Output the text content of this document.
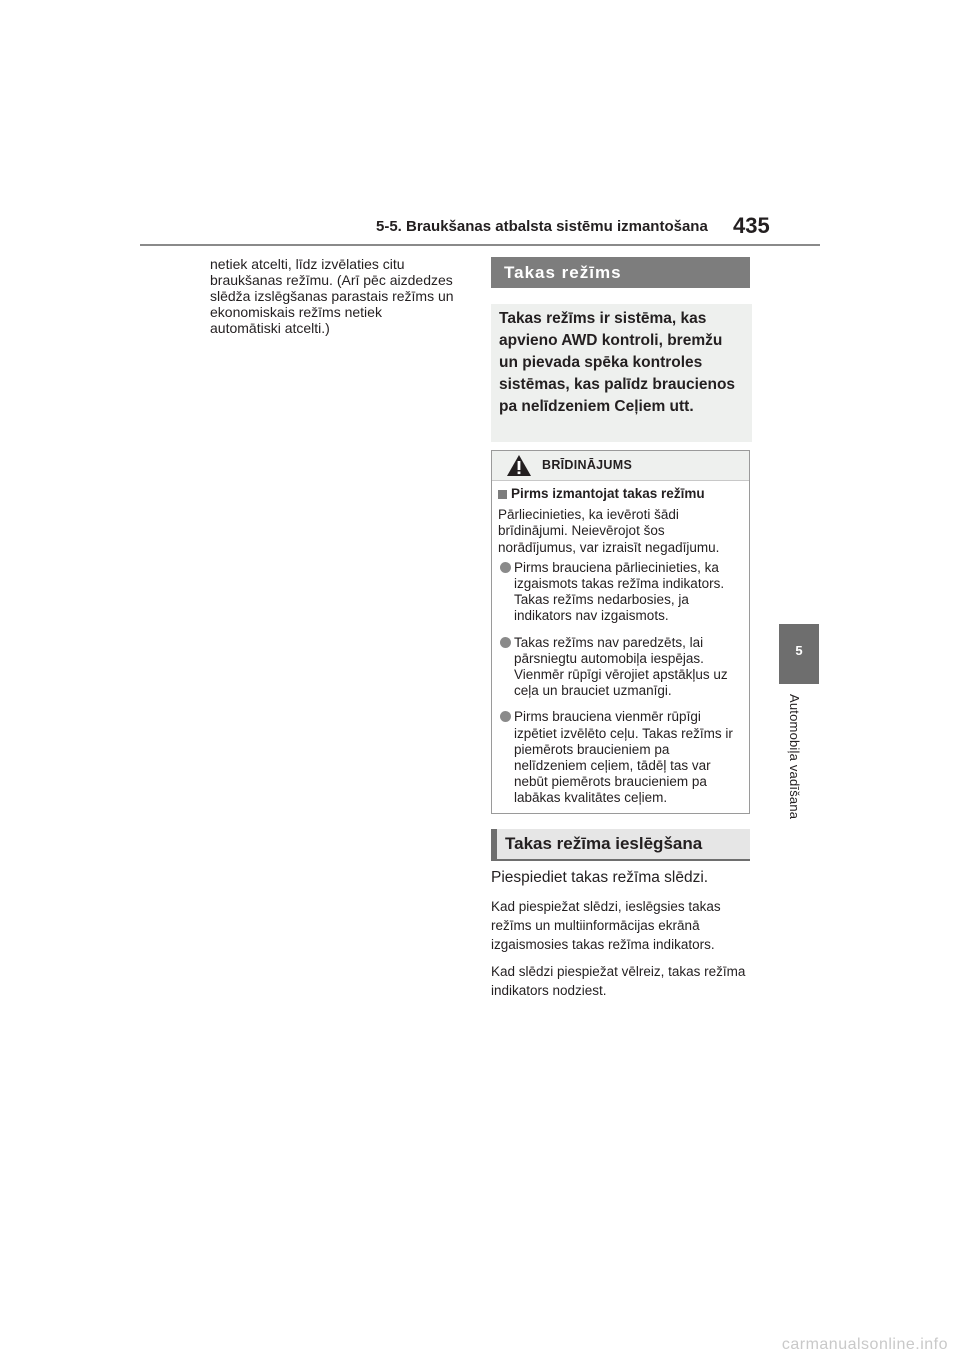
5-5. Braukšanas atbalsta sistēmu izmantošana 435
5
Automobiļa vadīšana
netiek atcelti, līdz izvēlaties citu braukšanas režīmu. (Arī pēc aizdedzes slēdža izslēgšanas parastais režīms un ekonomiskais režīms netiek automātiski atcelti.)
Takas režīms
Takas režīms ir sistēma, kas apvieno AWD kontroli, bremžu un pievada spēka kontroles sistēmas, kas palīdz braucienos pa nelīdzeniem Ceļiem utt.
BRĪDINĀJUMS
Pirms izmantojat takas režīmu
Pārliecinieties, ka ievēroti šādi brīdinājumi. Neievērojot šos norādījumus, var izraisīt negadījumu.
Pirms brauciena pārliecinieties, ka izgaismots takas režīma indikators. Takas režīms nedarbosies, ja indikators nav izgaismots.
Takas režīms nav paredzēts, lai pārsniegtu automobiļa iespējas. Vienmēr rūpīgi vērojiet apstākļus uz ceļa un brauciet uzmanīgi.
Pirms brauciena vienmēr rūpīgi izpētiet izvēlēto ceļu. Takas režīms ir piemērots braucieniem pa nelīdzeniem ceļiem, tādēļ tas var nebūt piemērots braucieniem pa labākas kvalitātes ceļiem.
Takas režīma ieslēgšana
Piespiediet takas režīma slēdzi.
Kad piespiežat slēdzi, ieslēgsies takas režīms un multiinformācijas ekrānā izgaismosies takas režīma indikators.
Kad slēdzi piespiežat vēlreiz, takas režīma indikators nodziest.
carmanualsonline.info
